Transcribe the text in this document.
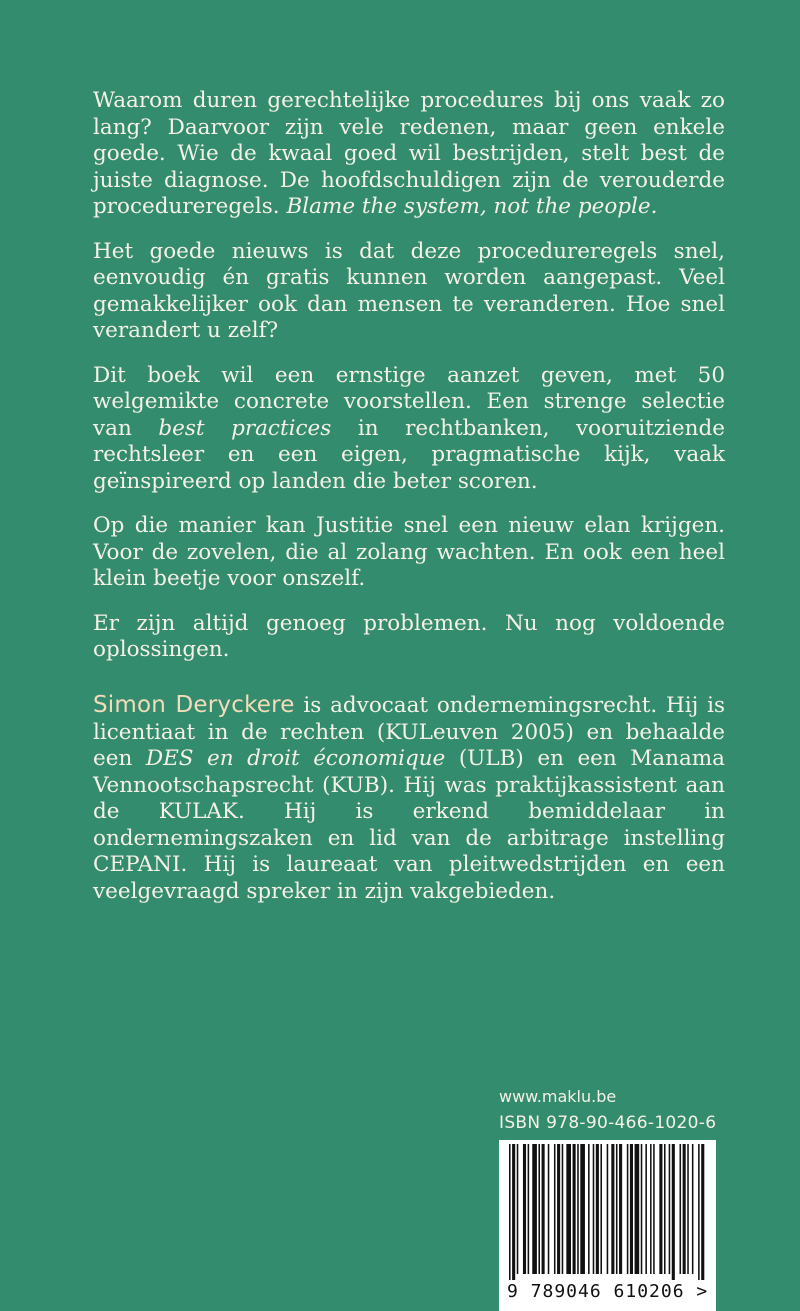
Waarom duren gerechtelijke procedures bij ons vaak zo lang? Daarvoor zijn vele redenen, maar geen enkele goede. Wie de kwaal goed wil bestrijden, stelt best de juiste diagnose. De hoofdschuldigen zijn de verouderde procedureregels. Blame the system, not the people.

Het goede nieuws is dat deze procedureregels snel, eenvoudig én gratis kunnen worden aangepast. Veel gemakkelijker ook dan mensen te veranderen. Hoe snel verandert u zelf?

Dit boek wil een ernstige aanzet geven, met 50 welgemikte concrete voorstellen. Een strenge selectie van best practices in rechtbanken, vooruitziende rechtsleer en een eigen, pragmatische kijk, vaak geïnspireerd op landen die beter scoren.

Op die manier kan Justitie snel een nieuw elan krijgen. Voor de zovelen, die al zolang wachten. En ook een heel klein beetje voor onszelf.

Er zijn altijd genoeg problemen. Nu nog voldoende oplossingen.

Simon Deryckere is advocaat ondernemingsrecht. Hij is licentiaat in de rechten (KULeuven 2005) en behaalde een DES en droit économique (ULB) en een Manama Vennootschapsrecht (KUB). Hij was praktijkassistent aan de KULAK. Hij is erkend bemiddelaar in ondernemingszaken en lid van de arbitrage instelling CEPANI. Hij is laureaat van pleitwedstrijden en een veelgevraagd spreker in zijn vakgebieden.
www.maklu.be
ISBN 978-90-466-1020-6
9 789046 610206 >
